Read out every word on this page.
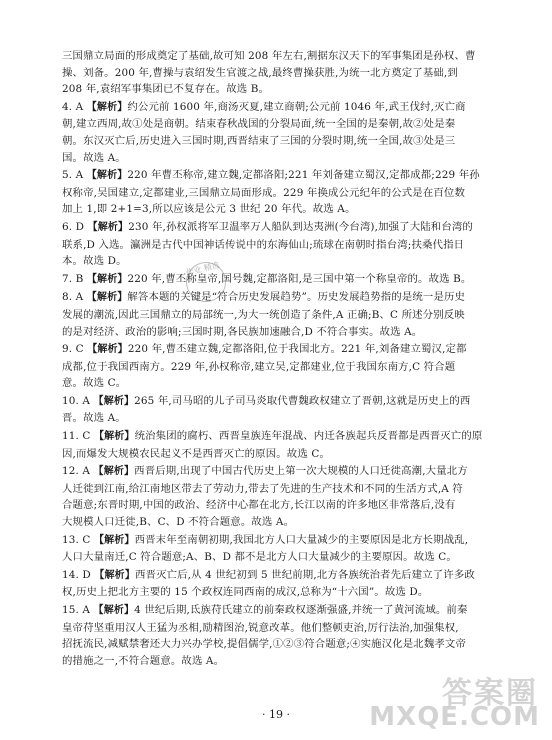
三国鼎立局面的形成奠定了基础,故可知 208 年左右,割据东汉天下的军事集团是孙权、曹
操、刘备。200 年,曹操与袁绍发生官渡之战,最终曹操获胜,为统一北方奠定了基础,到
208 年,袁绍军事集团已不复存在。故选 B。
4. A 【解析】约公元前 1600 年,商汤灭夏,建立商朝;公元前 1046 年,武王伐纣,灭亡商
朝,建立西周,故①处是商朝。结束春秋战国的分裂局面,统一全国的是秦朝,故②处是秦
朝。东汉灭亡后,历史进入三国时期,西晋结束了三国的分裂时期,统一全国,故③处是三
国。故选 A。
5. A 【解析】220 年曹丕称帝,建立魏,定都洛阳;221 年刘备建立蜀汉,定都成都;229 年孙
权称帝,吴国建立,定都建业,三国鼎立局面形成。229 年换成公元纪年的公式是在百位数
加上 1,即 2+1=3,所以应该是公元 3 世纪 20 年代。故选 A。
6. D 【解析】230 年,孙权派将军卫温率万人船队到达夷洲(今台湾),加强了大陆和台湾的
联系,D 入选。瀛洲是古代中国神话传说中的东海仙山;琉球在南朝时指台湾;扶桑代指日
本。故选 D。
7. B 【解析】220 年,曹丕称皇帝,国号魏,定都洛阳,是三国中第一个称皇帝的。故选 B。
8. A 【解析】解答本题的关键是“符合历史发展趋势”。历史发展趋势指的是统一是历史
发展的潮流,因此三国鼎立的局部统一,为大一统创造了条件,A 正确;B、C 所述分别反映
的是对经济、政治的影响;三国时期,各民族加速融合,D 不符合事实。故选 A。
9. C 【解析】220 年,曹丕建立魏,定都洛阳,位于我国北方。221 年,刘备建立蜀汉,定都
成都,位于我国西南方。229 年,孙权称帝,建立吴,定都建业,位于我国东南方,C 符合题
意。故选 C。
10. A 【解析】265 年,司马昭的儿子司马炎取代曹魏政权建立了晋朝,这就是历史上的西
晋。故选 A。
11. C 【解析】统治集团的腐朽、西晋皇族连年混战、内迁各族起兵反晋都是西晋灭亡的原
因,而爆发大规模农民起义不是西晋灭亡的原因。故选 C。
12. A 【解析】西晋后期,出现了中国古代历史上第一次大规模的人口迁徙高潮,大量北方
人迁徙到江南,给江南地区带去了劳动力,带去了先进的生产技术和不同的生活方式,A 符
合题意;东晋时期,中国的政治、经济中心都在北方,长江以南的许多地区非常落后,没有
大规模人口迁徙,B、C、D 不符合题意。故选 A。
13. C 【解析】西晋末年至南朝初期,我国北方人口大量减少的主要原因是北方长期战乱,
人口大量南迁,C 符合题意;A、B、D 都不是北方人口大量减少的主要原因。故选 C。
14. D 【解析】西晋灭亡后,从 4 世纪初到 5 世纪前期,北方各族统治者先后建立了许多政
权,历史上把北方主要的 15 个政权连同西南的成汉,总称为“十六国”。故选 D。
15. A 【解析】4 世纪后期,氐族苻氏建立的前秦政权逐渐强盛,并统一了黄河流域。前秦
皇帝苻坚重用汉人王猛为丞相,励精图治,锐意改革。他们整顿吏治,厉行法治,加强集权,
招抚流民,减赋禁奢还大力兴办学校,提倡儒学,①②③符合题意;④实施汉化是北魏孝文帝
的措施之一,不符合题意。故选 A。
作业 精选
· 19 ·
答案圈
MXQE.COM
